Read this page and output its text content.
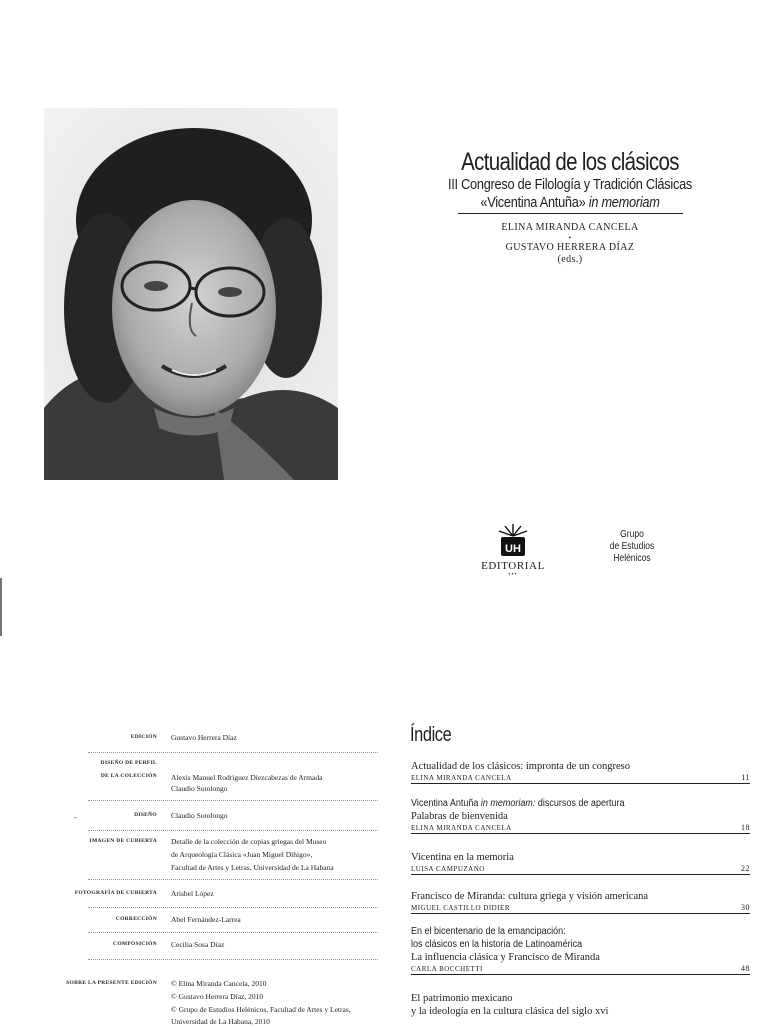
Actualidad de los clásicos
III Congreso de Filología y Tradición Clásicas
«Vicentina Antuña» in memoriam
ELINA MIRANDA CANCELA
•
GUSTAVO HERRERA DÍAZ
(eds.)
UH
EDITORIAL
•••
Grupo
de Estudios
Helénicos
EDICIÓN Gustavo Herrera Díaz
DISEÑO DE PERFIL
DE LA COLECCIÓN Alexis Manuel Rodríguez Diezcabezas de Armada
Claudio Sotolongo
-	DISEÑO Claudio Sotolongo
IMAGEN DE CUBIERTA Detalle de la colección de copias griegas del Museo
de Arqueología Clásica «Juan Miguel Dihigo»,
Facultad de Artes y Letras, Universidad de La Habana
FOTOGRAFÍA DE CUBIERTA Arisbel López
CORRECCIÓN Abel Fernández-Larrea
COMPOSICIÓN Cecilia Sosa Díaz
SOBRE LA PRESENTE EDICIÓN © Elina Miranda Cancela, 2010
© Gustavo Herrera Díaz, 2010
© Grupo de Estudios Helénicos, Facultad de Artes y Letras,
Universidad de La Habana, 2010
Índice
Actualidad de los clásicos: impronta de un congreso
ELINA MIRANDA CANCELA	11
Vicentina Antuña in memoriam: discursos de apertura
Palabras de bienvenida
ELINA MIRANDA CANCELA	18
Vicentina en la memoria
LUISA CAMPUZANO	22
Francisco de Miranda: cultura griega y visión americana
MIGUEL CASTILLO DIDIER	30
En el bicentenario de la emancipación:
los clásicos en la historia de Latinoamérica
La influencia clásica y Francisco de Miranda
CARLA BOCCHETTI	48
El patrimonio mexicano
y la ideología en la cultura clásica del siglo xvi
